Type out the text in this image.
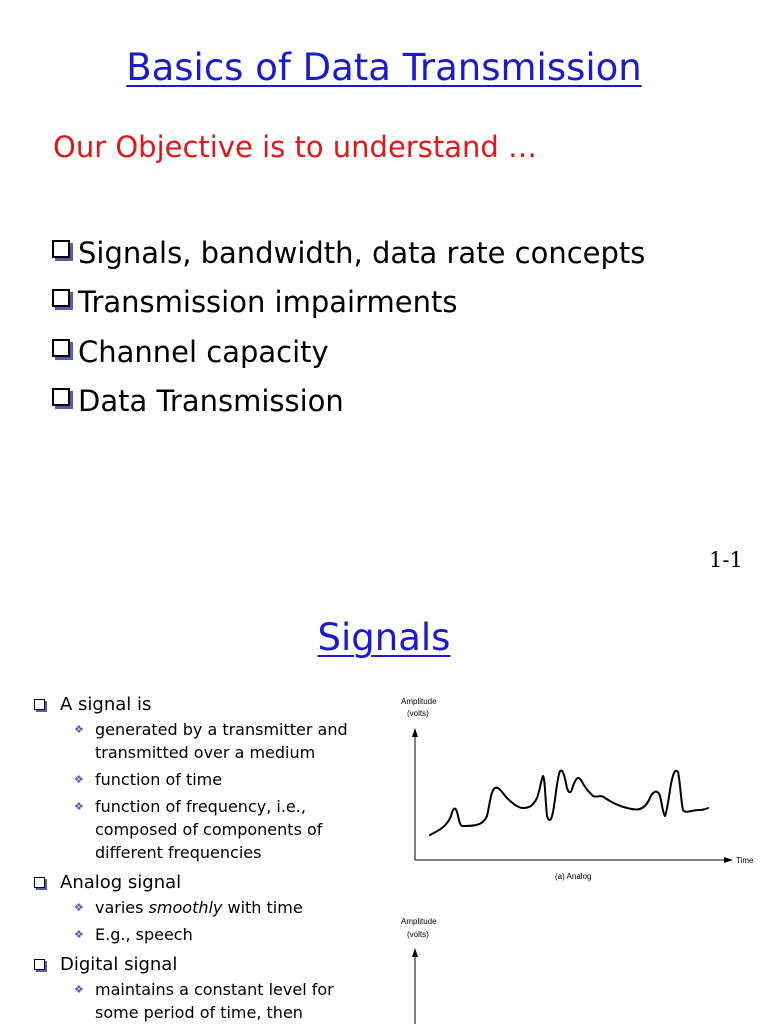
Basics of Data Transmission
Our Objective is to understand …
Signals, bandwidth, data rate concepts
Transmission impairments
Channel capacity
Data Transmission
1-1
Signals
A signal is
❖ generated by a transmitter and
transmitted over a medium
❖ function of time
❖ function of frequency, i.e.,
composed of components of
different frequencies
Analog signal
❖ varies smoothly with time
❖ E.g., speech
Digital signal
❖ maintains a constant level for
some period of time, then
Amplitude
(volts)
Time
(a) Analog
Amplitude
(volts)
